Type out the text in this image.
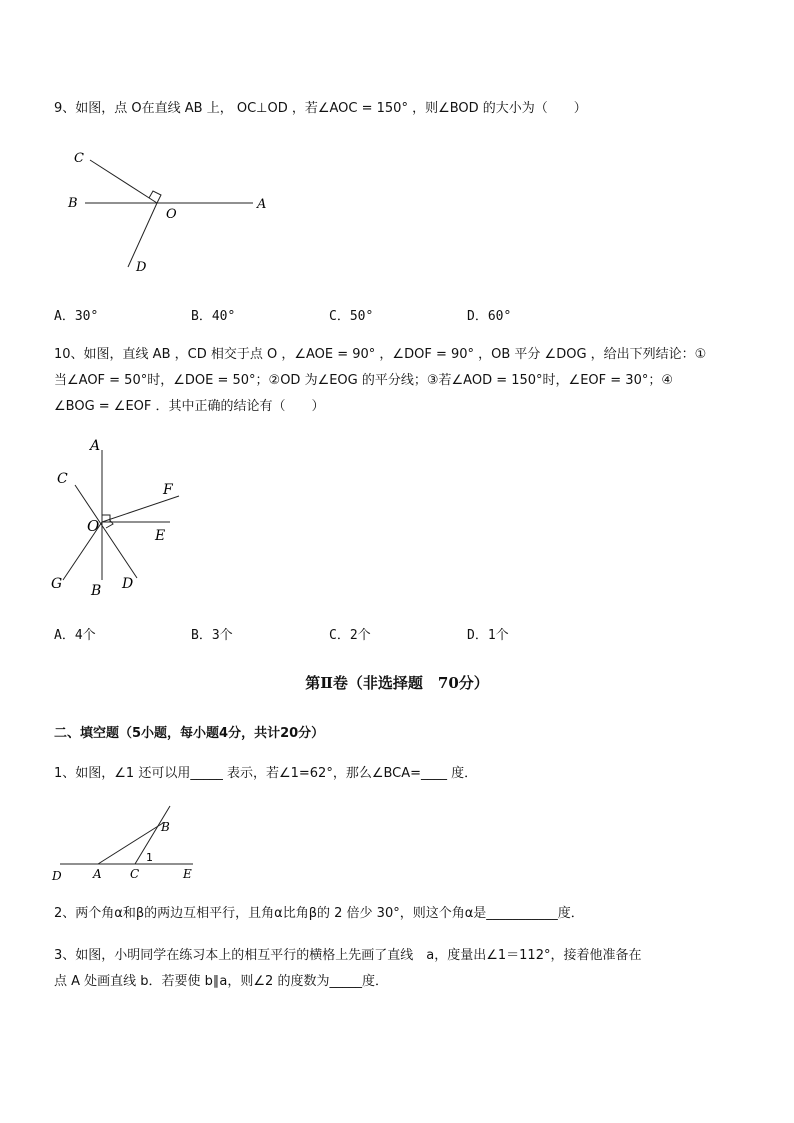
9、如图，点 O在直线 AB 上， OC⊥OD ，若∠AOC = 150° ，则∠BOD 的大小为（　　）
C
B
O
A
D
A．30°	B．40°	C．50°	D．60°
10、如图，直线 AB ，CD 相交于点 O ，∠AOE = 90° ，∠DOF = 90° ，OB 平分 ∠DOG ，给出下列结论：①
当∠AOF = 50°时，∠DOE = 50°；②OD 为∠EOG 的平分线；③若∠AOD = 150°时，∠EOF = 30°；④
∠BOG = ∠EOF ．其中正确的结论有（　　）
A
C
F
O
E
G B D
A．4个	B．3个	C．2个	D．1个
第Ⅱ卷（非选择题　70分）
二、填空题（5小题，每小题4分，共计20分）
1、如图，∠1 还可以用_____ 表示，若∠1=62°，那么∠BCA=____ 度．
B
1
D	A C	E
2、两个角α和β的两边互相平行，且角α比角β的 2 倍少 30°，则这个角α是___________度．
3、如图，小明同学在练习本上的相互平行的横格上先画了直线　a，度量出∠1＝112°，接着他准备在
点 A 处画直线 b．若要使 b∥a，则∠2 的度数为_____度．
